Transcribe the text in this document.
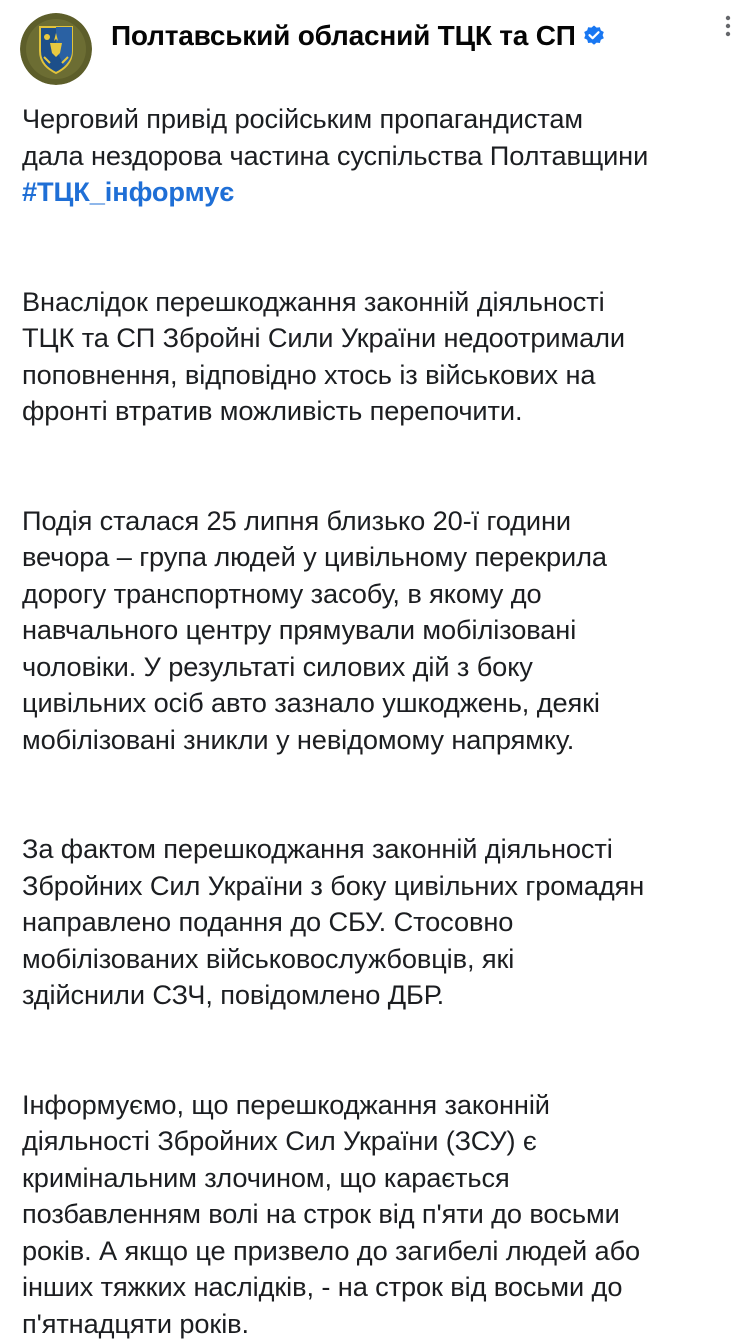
Полтавський обласний ТЦК та СП

Черговий привід російським пропагандистам
дала нездорова частина суспільства Полтавщини
#ТЦК_інформує

Внаслідок перешкоджання законній діяльності
ТЦК та СП Збройні Сили України недоотримали
поповнення, відповідно хтось із військових на
фронті втратив можливість перепочити.

Подія сталася 25 липня близько 20-ї години
вечора – група людей у цивільному перекрила
дорогу транспортному засобу, в якому до
навчального центру прямували мобілізовані
чоловіки. У результаті силових дій з боку
цивільних осіб авто зазнало ушкоджень, деякі
мобілізовані зникли у невідомому напрямку.

За фактом перешкоджання законній діяльності
Збройних Сил України з боку цивільних громадян
направлено подання до СБУ. Стосовно
мобілізованих військовослужбовців, які
здійснили СЗЧ, повідомлено ДБР.

Інформуємо, що перешкоджання законній
діяльності Збройних Сил України (ЗСУ) є
кримінальним злочином, що карається
позбавленням волі на строк від п'яти до восьми
років. А якщо це призвело до загибелі людей або
інших тяжких наслідків, - на строк від восьми до
п'ятнадцяти років.
